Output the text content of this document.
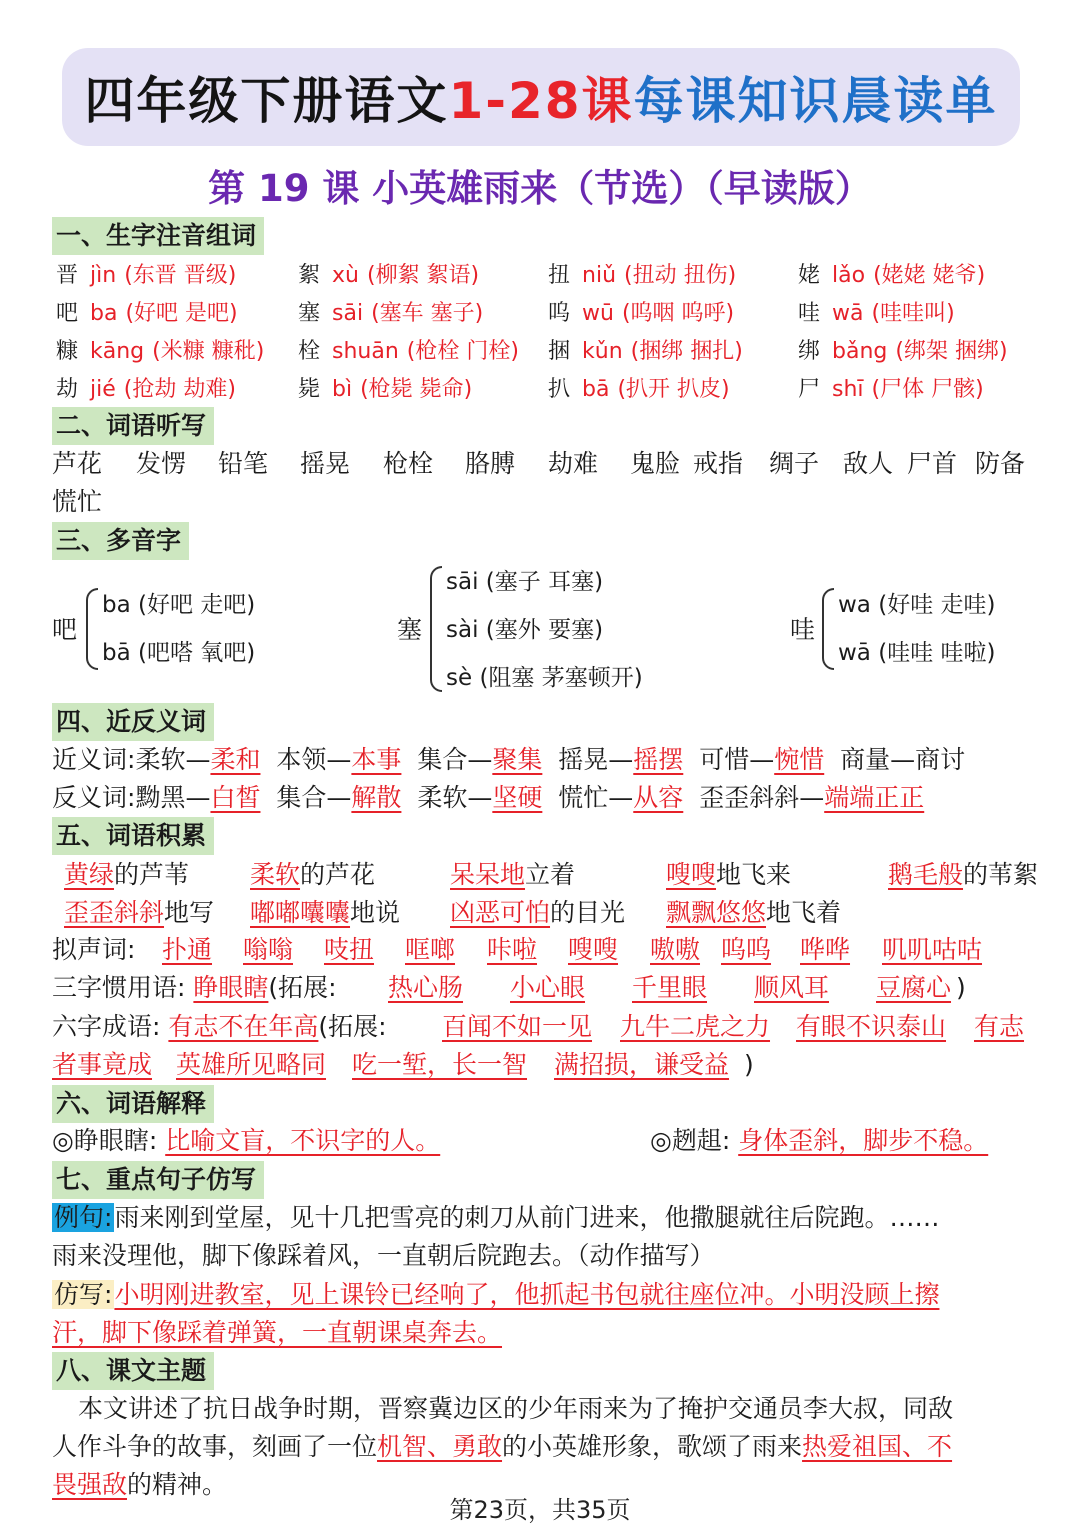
四年级下册语文 1-28课 每课知识晨读单
第 19 课 小英雄雨来（节选）（早读版）
一、生字注音组词
晋 jìn (东晋 晋级)	絮 xù (柳絮 絮语)	扭 niǔ (扭动 扭伤)	姥 lǎo (姥姥 姥爷)
吧 ba (好吧 是吧)	塞 sāi (塞车 塞子)	呜 wū (呜咽 呜呼)	哇 wā (哇哇叫)
糠 kāng (米糠 糠秕) 栓 shuān (枪栓 门栓) 捆 kǔn (捆绑 捆扎)	绑 bǎng (绑架 捆绑)
劫 jié (抢劫 劫难)	毙 bì (枪毙 毙命)	扒 bā (扒开 扒皮)	尸 shī (尸体 尸骸)
二、词语听写
芦花 发愣 铅笔 摇晃 枪栓 胳膊 劫难 鬼脸 戒指 绸子 敌人 尸首 防备
慌忙
三、多音字
吧
ba (好吧 走吧)
bā (吧嗒 氧吧)
塞
sāi (塞子 耳塞)
sài (塞外 要塞)
sè (阻塞 茅塞顿开)
哇
wa (好哇 走哇)
wā (哇哇 哇啦)
四、近反义词
近义词:柔软—柔和 本领—本事 集合—聚集 摇晃—摇摆 可惜—惋惜 商量—商讨
反义词:黝黑—白皙 集合—解散 柔软—坚硬 慌忙—从容 歪歪斜斜—端端正正
五、词语积累
黄绿的芦苇 柔软的芦花	呆呆地立着	嗖嗖地飞来	鹅毛般的苇絮
歪歪斜斜地写 嘟嘟囔囔地说 凶恶可怕的目光 飘飘悠悠地飞着
拟声词: 扑通 嗡嗡 吱扭 哐啷 咔啦 嗖嗖 嗷嗷 呜呜 哗哗 叽叽咕咕
三字惯用语: 睁眼瞎(拓展: 热心肠 小心眼 千里眼 顺风耳 豆腐心 )
六字成语: 有志不在年高(拓展: 百闻不如一见 九牛二虎之力 有眼不识泰山 有志
者事竟成 英雄所见略同 吃一堑，长一智 满招损，谦受益 )
六、词语解释
◎睁眼瞎: 比喻文盲，不识字的人。	◎趔趄: 身体歪斜，脚步不稳。
七、重点句子仿写
例句:雨来刚到堂屋，见十几把雪亮的刺刀从前门进来，他撒腿就往后院跑。……
雨来没理他，脚下像踩着风，一直朝后院跑去。（动作描写）
仿写:小明刚进教室，见上课铃已经响了，他抓起书包就往座位冲。小明没顾上擦
汗，脚下像踩着弹簧，一直朝课桌奔去。
八、课文主题
本文讲述了抗日战争时期，晋察冀边区的少年雨来为了掩护交通员李大叔，同敌
人作斗争的故事，刻画了一位机智、勇敢的小英雄形象，歌颂了雨来热爱祖国、不
畏强敌的精神。
第23页，共35页
